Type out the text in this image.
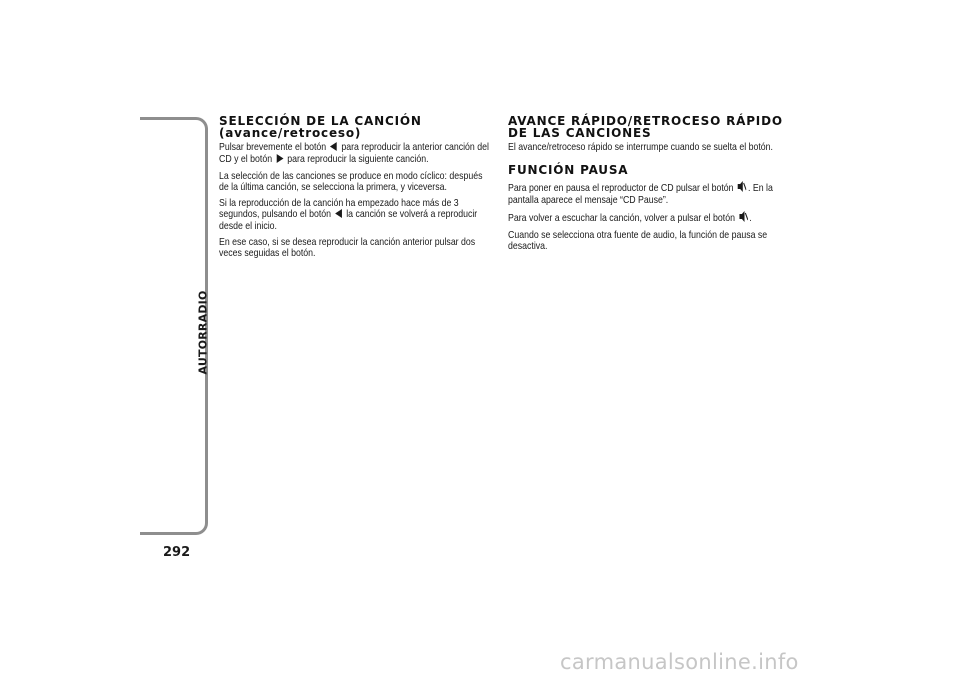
AUTORRADIO
292
SELECCIÓN DE LA CANCIÓN
(avance/retroceso)

Pulsar brevemente el botón  para reproducir la anterior canción del CD y el botón  para reproducir la siguiente canción.

La selección de las canciones se produce en modo cíclico: después de la última canción, se selecciona la primera, y viceversa.

Si la reproducción de la canción ha empezado hace más de 3 segundos, pulsando el botón  la canción se volverá a reproducir desde el inicio.

En ese caso, si se desea reproducir la canción anterior pulsar dos veces seguidas el botón.

AVANCE RÁPIDO/RETROCESO RÁPIDO
DE LAS CANCIONES

El avance/retroceso rápido se interrumpe cuando se suelta el botón.

FUNCIÓN PAUSA

Para poner en pausa el reproductor de CD pulsar el botón . En la pantalla aparece el mensaje “CD Pause”.

Para volver a escuchar la canción, volver a pulsar el botón .

Cuando se selecciona otra fuente de audio, la función de pausa se desactiva.

carmanualsonline.info
